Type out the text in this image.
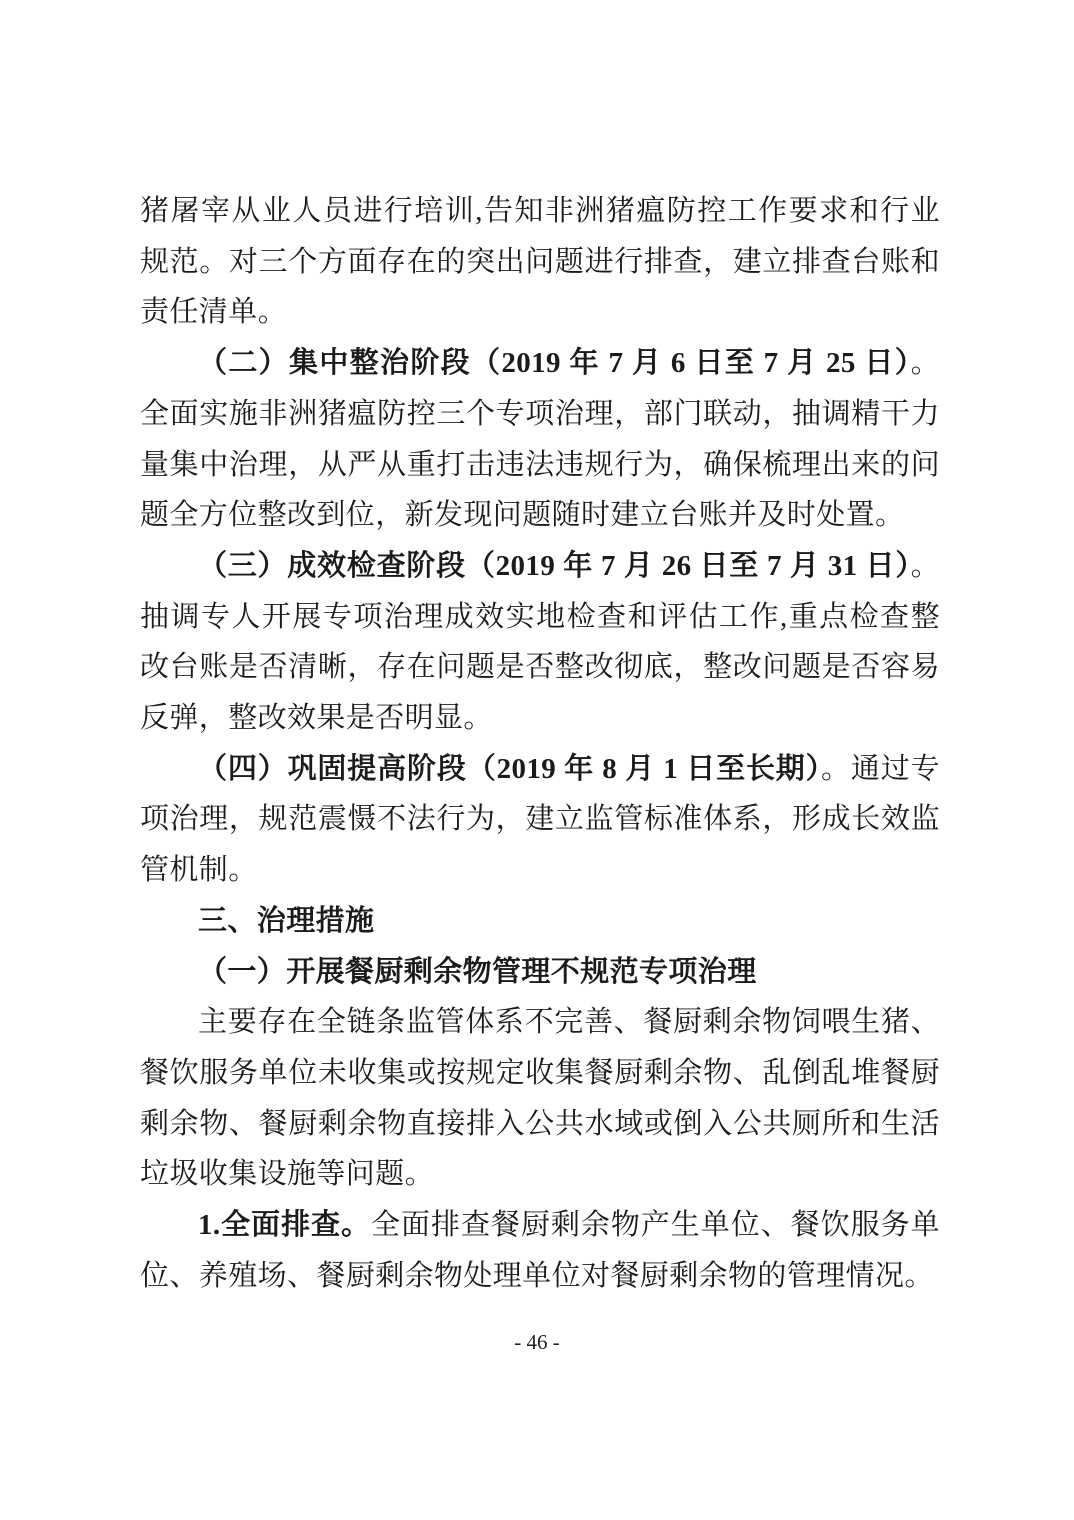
猪屠宰从业人员进行培训,告知非洲猪瘟防控工作要求和行业规范。对三个方面存在的突出问题进行排查，建立排查台账和责任清单。

（二）集中整治阶段（2019 年 7 月 6 日至 7 月 25 日）。全面实施非洲猪瘟防控三个专项治理，部门联动，抽调精干力量集中治理，从严从重打击违法违规行为，确保梳理出来的问题全方位整改到位，新发现问题随时建立台账并及时处置。

（三）成效检查阶段（2019 年 7 月 26 日至 7 月 31 日）。抽调专人开展专项治理成效实地检查和评估工作,重点检查整改台账是否清晰，存在问题是否整改彻底，整改问题是否容易反弹，整改效果是否明显。

（四）巩固提高阶段（2019 年 8 月 1 日至长期）。通过专项治理，规范震慑不法行为，建立监管标准体系，形成长效监管机制。

三、治理措施

（一）开展餐厨剩余物管理不规范专项治理

主要存在全链条监管体系不完善、餐厨剩余物饲喂生猪、餐饮服务单位未收集或按规定收集餐厨剩余物、乱倒乱堆餐厨剩余物、餐厨剩余物直接排入公共水域或倒入公共厕所和生活垃圾收集设施等问题。

1.全面排查。全面排查餐厨剩余物产生单位、餐饮服务单位、养殖场、餐厨剩余物处理单位对餐厨剩余物的管理情况。

- 46 -
